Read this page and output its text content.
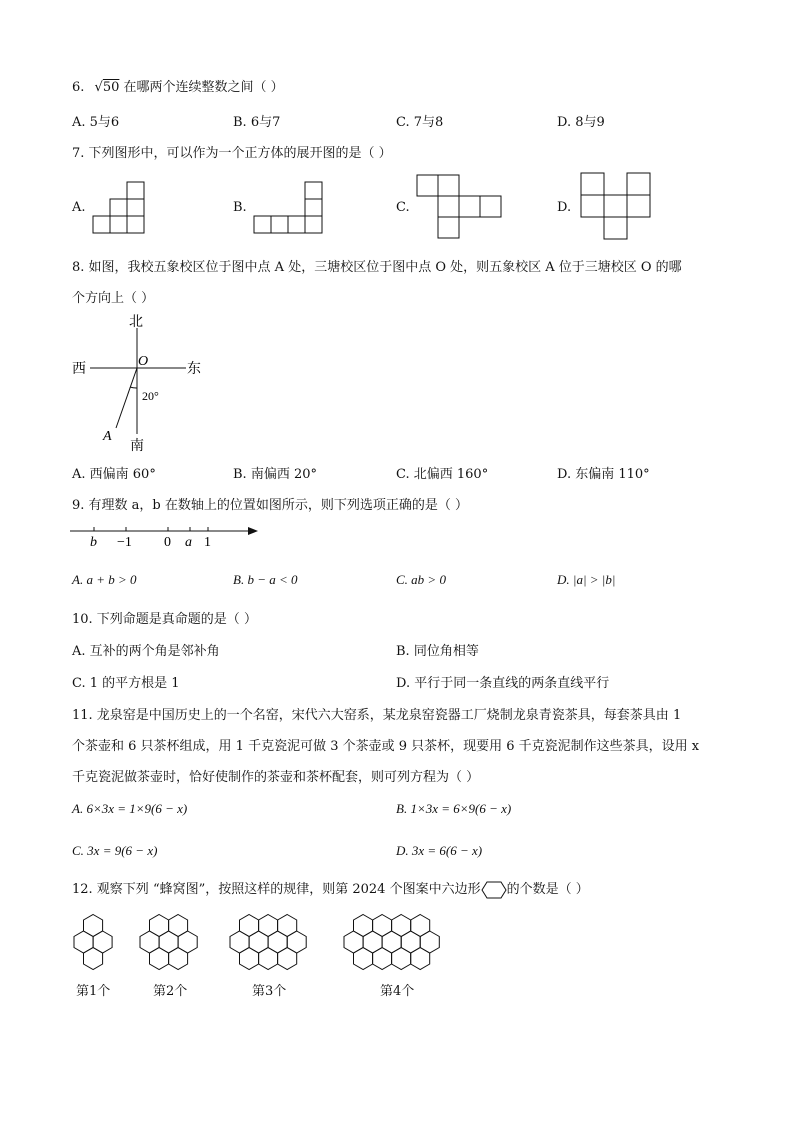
6. √50 在哪两个连续整数之间（ ）
A. 5与6	B. 6与7	C. 7与8	D. 8与9
7. 下列图形中，可以作为一个正方体的展开图的是（ ）
A.	B.	C.	D.
8. 如图，我校五象校区位于图中点 A 处，三塘校区位于图中点 O 处，则五象校区 A 位于三塘校区 O 的哪
个方向上（ ）
北
南
西	东
O
A
20°
A. 西偏南 60°	B. 南偏西 20°	C. 北偏西 160°	D. 东偏南 110°
9. 有理数 a，b 在数轴上的位置如图所示，则下列选项正确的是（ ）
b −1 0 a 1
A. a + b > 0	B. b − a < 0	C. ab > 0	D. |a| > |b|
10. 下列命题是真命题的是（ ）
A. 互补的两个角是邻补角	B. 同位角相等
C. 1 的平方根是 1	D. 平行于同一条直线的两条直线平行
11. 龙泉窑是中国历史上的一个名窑，宋代六大窑系，某龙泉窑瓷器工厂烧制龙泉青瓷茶具，每套茶具由 1
个茶壶和 6 只茶杯组成，用 1 千克瓷泥可做 3 个茶壶或 9 只茶杯，现要用 6 千克瓷泥制作这些茶具，设用 x
千克瓷泥做茶壶时，恰好使制作的茶壶和茶杯配套，则可列方程为（ ）
A. 6×3x = 1×9(6 − x)	B. 1×3x = 6×9(6 − x)
C. 3x = 9(6 − x)	D. 3x = 6(6 − x)
12. 观察下列 “蜂窝图”，按照这样的规律，则第 2024 个图案中六边形 的个数是（ ）
第1个	第2个	第3个	第4个
